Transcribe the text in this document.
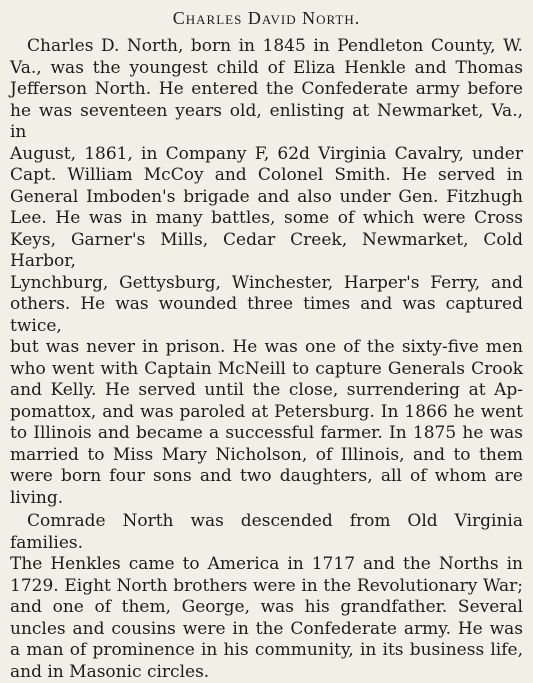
Charles David North.

Charles D. North, born in 1845 in Pendleton County, W.

Va., was the youngest child of Eliza Henkle and Thomas

Jefferson North. He entered the Confederate army before

he was seventeen years old, enlisting at Newmarket, Va., in

August, 1861, in Company F, 62d Virginia Cavalry, under

Capt. William McCoy and Colonel Smith. He served in

General Imboden's brigade and also under Gen. Fitzhugh

Lee. He was in many battles, some of which were Cross

Keys, Garner's Mills, Cedar Creek, Newmarket, Cold Harbor,

Lynchburg, Gettysburg, Winchester, Harper's Ferry, and

others. He was wounded three times and was captured twice,

but was never in prison. He was one of the sixty-five men

who went with Captain McNeill to capture Generals Crook

and Kelly. He served until the close, surrendering at Ap-

pomattox, and was paroled at Petersburg. In 1866 he went

to Illinois and became a successful farmer. In 1875 he was

married to Miss Mary Nicholson, of Illinois, and to them

were born four sons and two daughters, all of whom are

living.

Comrade North was descended from Old Virginia families.

The Henkles came to America in 1717 and the Norths in

1729. Eight North brothers were in the Revolutionary War;

and one of them, George, was his grandfather. Several

uncles and cousins were in the Confederate army. He was

a man of prominence in his community, in its business life,

and in Masonic circles.
